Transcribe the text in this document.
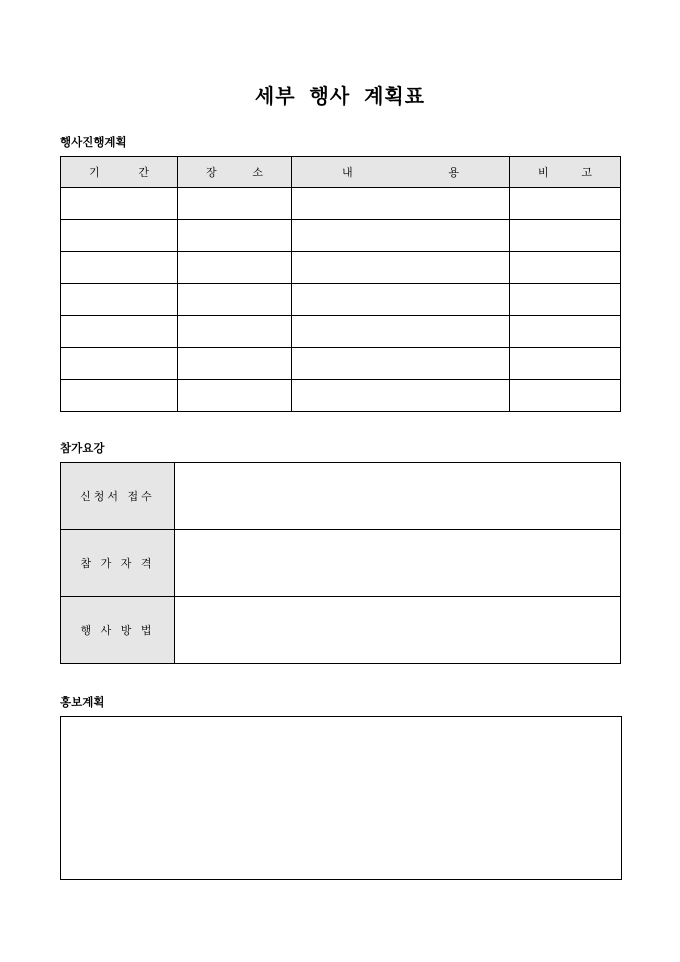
세부 행사 계획표
행사진행계획
기 간	장 소	내 용	비 고

참가요강
신청서 접수	
참 가 자 격	
행 사 방 법	
홍보계획
